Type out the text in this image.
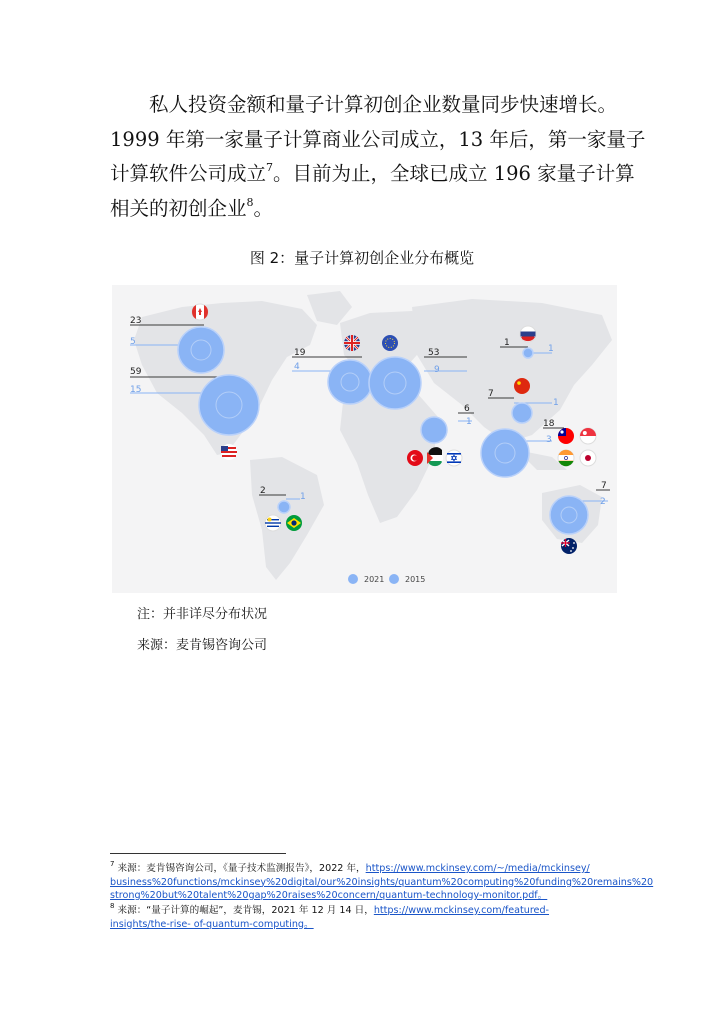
私人投资金额和量子计算初创企业数量同步快速增长。
1999 年第一家量子计算商业公司成立，13 年后，第一家量子
计算软件公司成立$^7$。目前为止，全球已成立 196 家量子计算
相关的初创企业$^8$。

图 2：量子计算初创企业分布概览
23
59
19	53
1
7
6
18
7
2
5
15
4	9
1
1
1
3
2
1
2021	2015
注：并非详尽分布状况
来源：麦肯锡咨询公司

$^7$ 来源：麦肯锡咨询公司，《量子技术监测报告》，2022 年，https://www.mckinsey.com/~/media/mckinsey/
business%20functions/mckinsey%20digital/our%20insights/quantum%20computing%20funding%20remains%20
strong%20but%20talent%20gap%20raises%20concern/quantum-technology-monitor.pdf。

$^8$ 来源：“量子计算的崛起”，麦肯锡，2021 年 12 月 14 日，https://www.mckinsey.com/featured-
insights/the-rise- of-quantum-computing。
